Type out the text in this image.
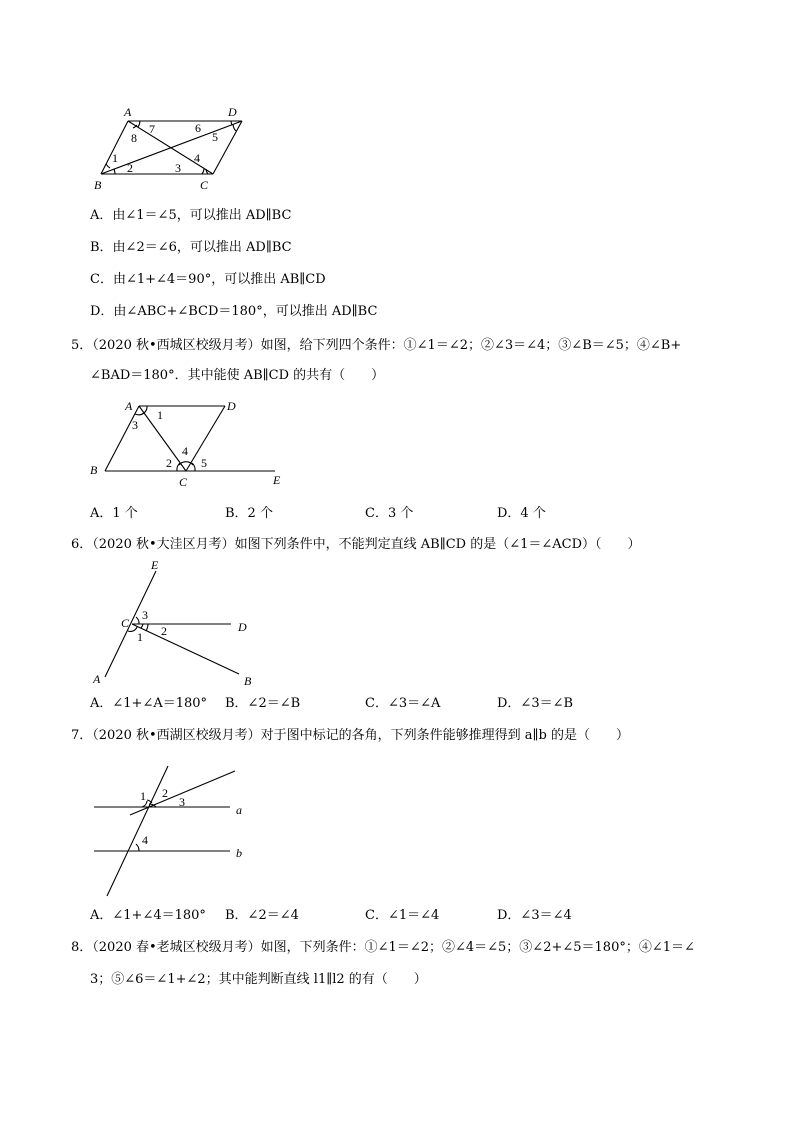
A	D
B	C
1
2	3
4
5
6
7
8
A．由∠1＝∠5，可以推出 AD∥BC
B．由∠2＝∠6，可以推出 AD∥BC
C．由∠1+∠4＝90°，可以推出 AB∥CD
D．由∠ABC+∠BCD＝180°，可以推出 AD∥BC
5．（2020 秋•西城区校级月考）如图，给下列四个条件：①∠1＝∠2；②∠3＝∠4；③∠B＝∠5；④∠B+
∠BAD＝180°．其中能使 AB∥CD 的共有（　　）
A	D
B
C	E
1
3
4
2 5
A．1 个	B．2 个	C．3 个	D．4 个
6．（2020 秋•大洼区月考）如图下列条件中，不能判定直线 AB∥CD 的是（∠1＝∠ACD）（　　）
E
C	D
A	B
3
1 2
A．∠1+∠A＝180° B．∠2＝∠B	C．∠3＝∠A	D．∠3＝∠B
7．（2020 秋•西湖区校级月考）对于图中标记的各角，下列条件能够推理得到 a∥b 的是（　　）
1 2
3
4
a
b
A．∠1+∠4＝180° B．∠2＝∠4	C．∠1＝∠4	D．∠3＝∠4
8．（2020 春•老城区校级月考）如图，下列条件：①∠1＝∠2；②∠4＝∠5；③∠2+∠5＝180°；④∠1＝∠
3；⑤∠6＝∠1+∠2；其中能判断直线 l1∥l2 的有（　　）
